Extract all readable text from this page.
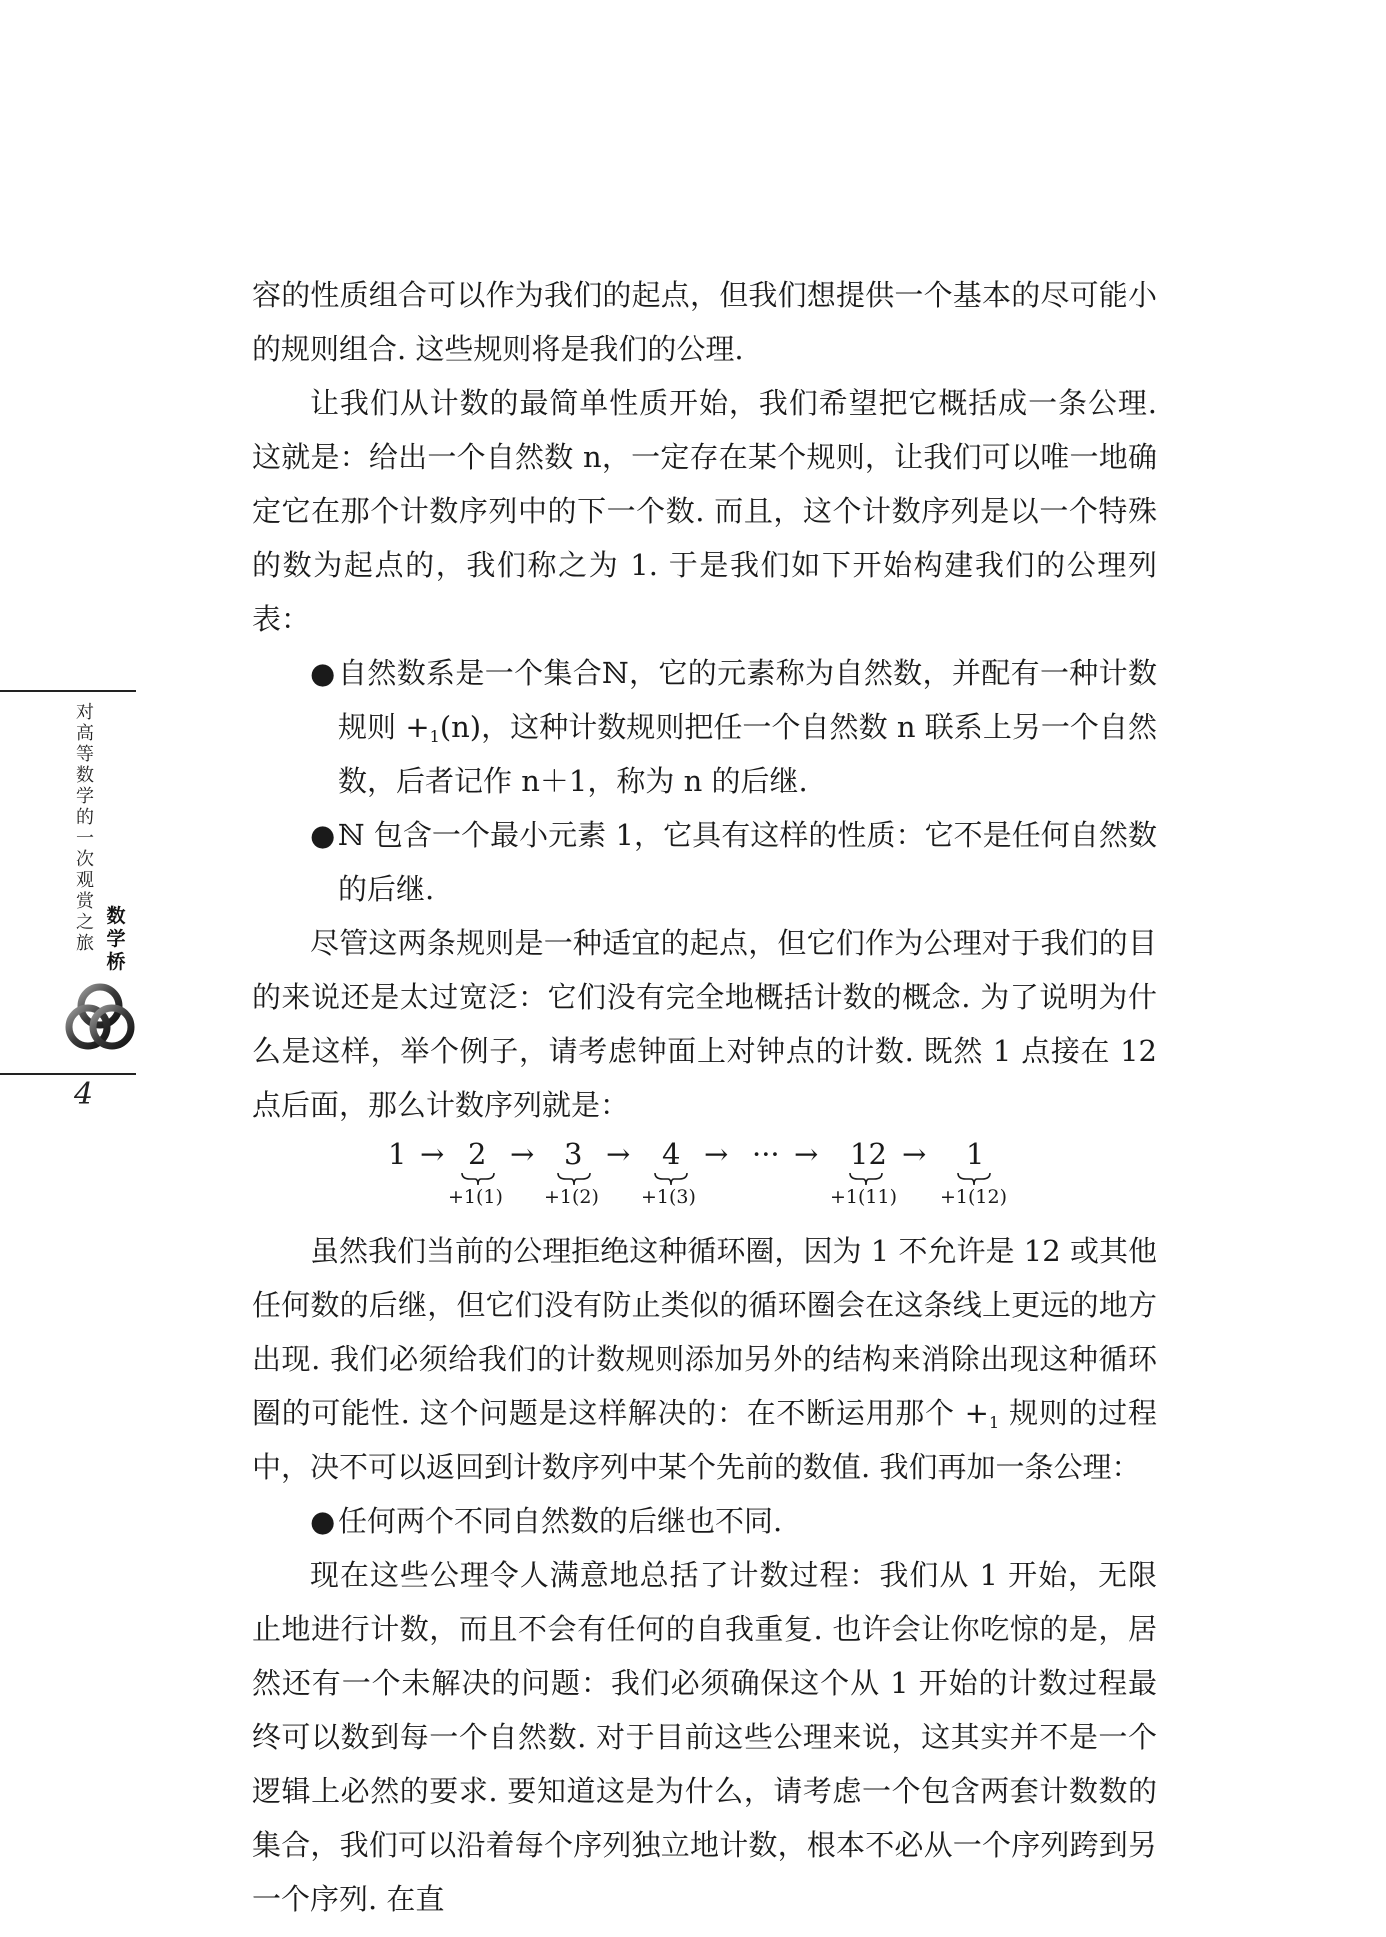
容的性质组合可以作为我们的起点，但我们想提供一个基本的尽可能小的规则组合. 这些规则将是我们的公理.

让我们从计数的最简单性质开始，我们希望把它概括成一条公理. 这就是：给出一个自然数 n，一定存在某个规则，让我们可以唯一地确定它在那个计数序列中的下一个数. 而且，这个计数序列是以一个特殊的数为起点的，我们称之为 1. 于是我们如下开始构建我们的公理列表：

● 自然数系是一个集合ℕ，它的元素称为自然数，并配有一种计数规则 +1(n)，这种计数规则把任一个自然数 n 联系上另一个自然数，后者记作 n＋1，称为 n 的后继.

● ℕ 包含一个最小元素 1，它具有这样的性质：它不是任何自然数的后继.

尽管这两条规则是一种适宜的起点，但它们作为公理对于我们的目的来说还是太过宽泛：它们没有完全地概括计数的概念. 为了说明为什么是这样，举个例子，请考虑钟面上对钟点的计数. 既然 1 点接在 12 点后面，那么计数序列就是：

1 → 2 → 3 → 4 → ··· → 12 → 1
+1(1) +1(2) +1(3)	+1(11) +1(12)

虽然我们当前的公理拒绝这种循环圈，因为 1 不允许是 12 或其他任何数的后继，但它们没有防止类似的循环圈会在这条线上更远的地方出现. 我们必须给我们的计数规则添加另外的结构来消除出现这种循环圈的可能性. 这个问题是这样解决的：在不断运用那个 +1 规则的过程中，决不可以返回到计数序列中某个先前的数值. 我们再加一条公理：

● 任何两个不同自然数的后继也不同.

现在这些公理令人满意地总括了计数过程：我们从 1 开始，无限止地进行计数，而且不会有任何的自我重复. 也许会让你吃惊的是，居然还有一个未解决的问题：我们必须确保这个从 1 开始的计数过程最终可以数到每一个自然数. 对于目前这些公理来说，这其实并不是一个逻辑上必然的要求. 要知道这是为什么，请考虑一个包含两套计数数的集合，我们可以沿着每个序列独立地计数，根本不必从一个序列跨到另一个序列. 在直

对高等数学的一次观赏之旅
数学桥
4
